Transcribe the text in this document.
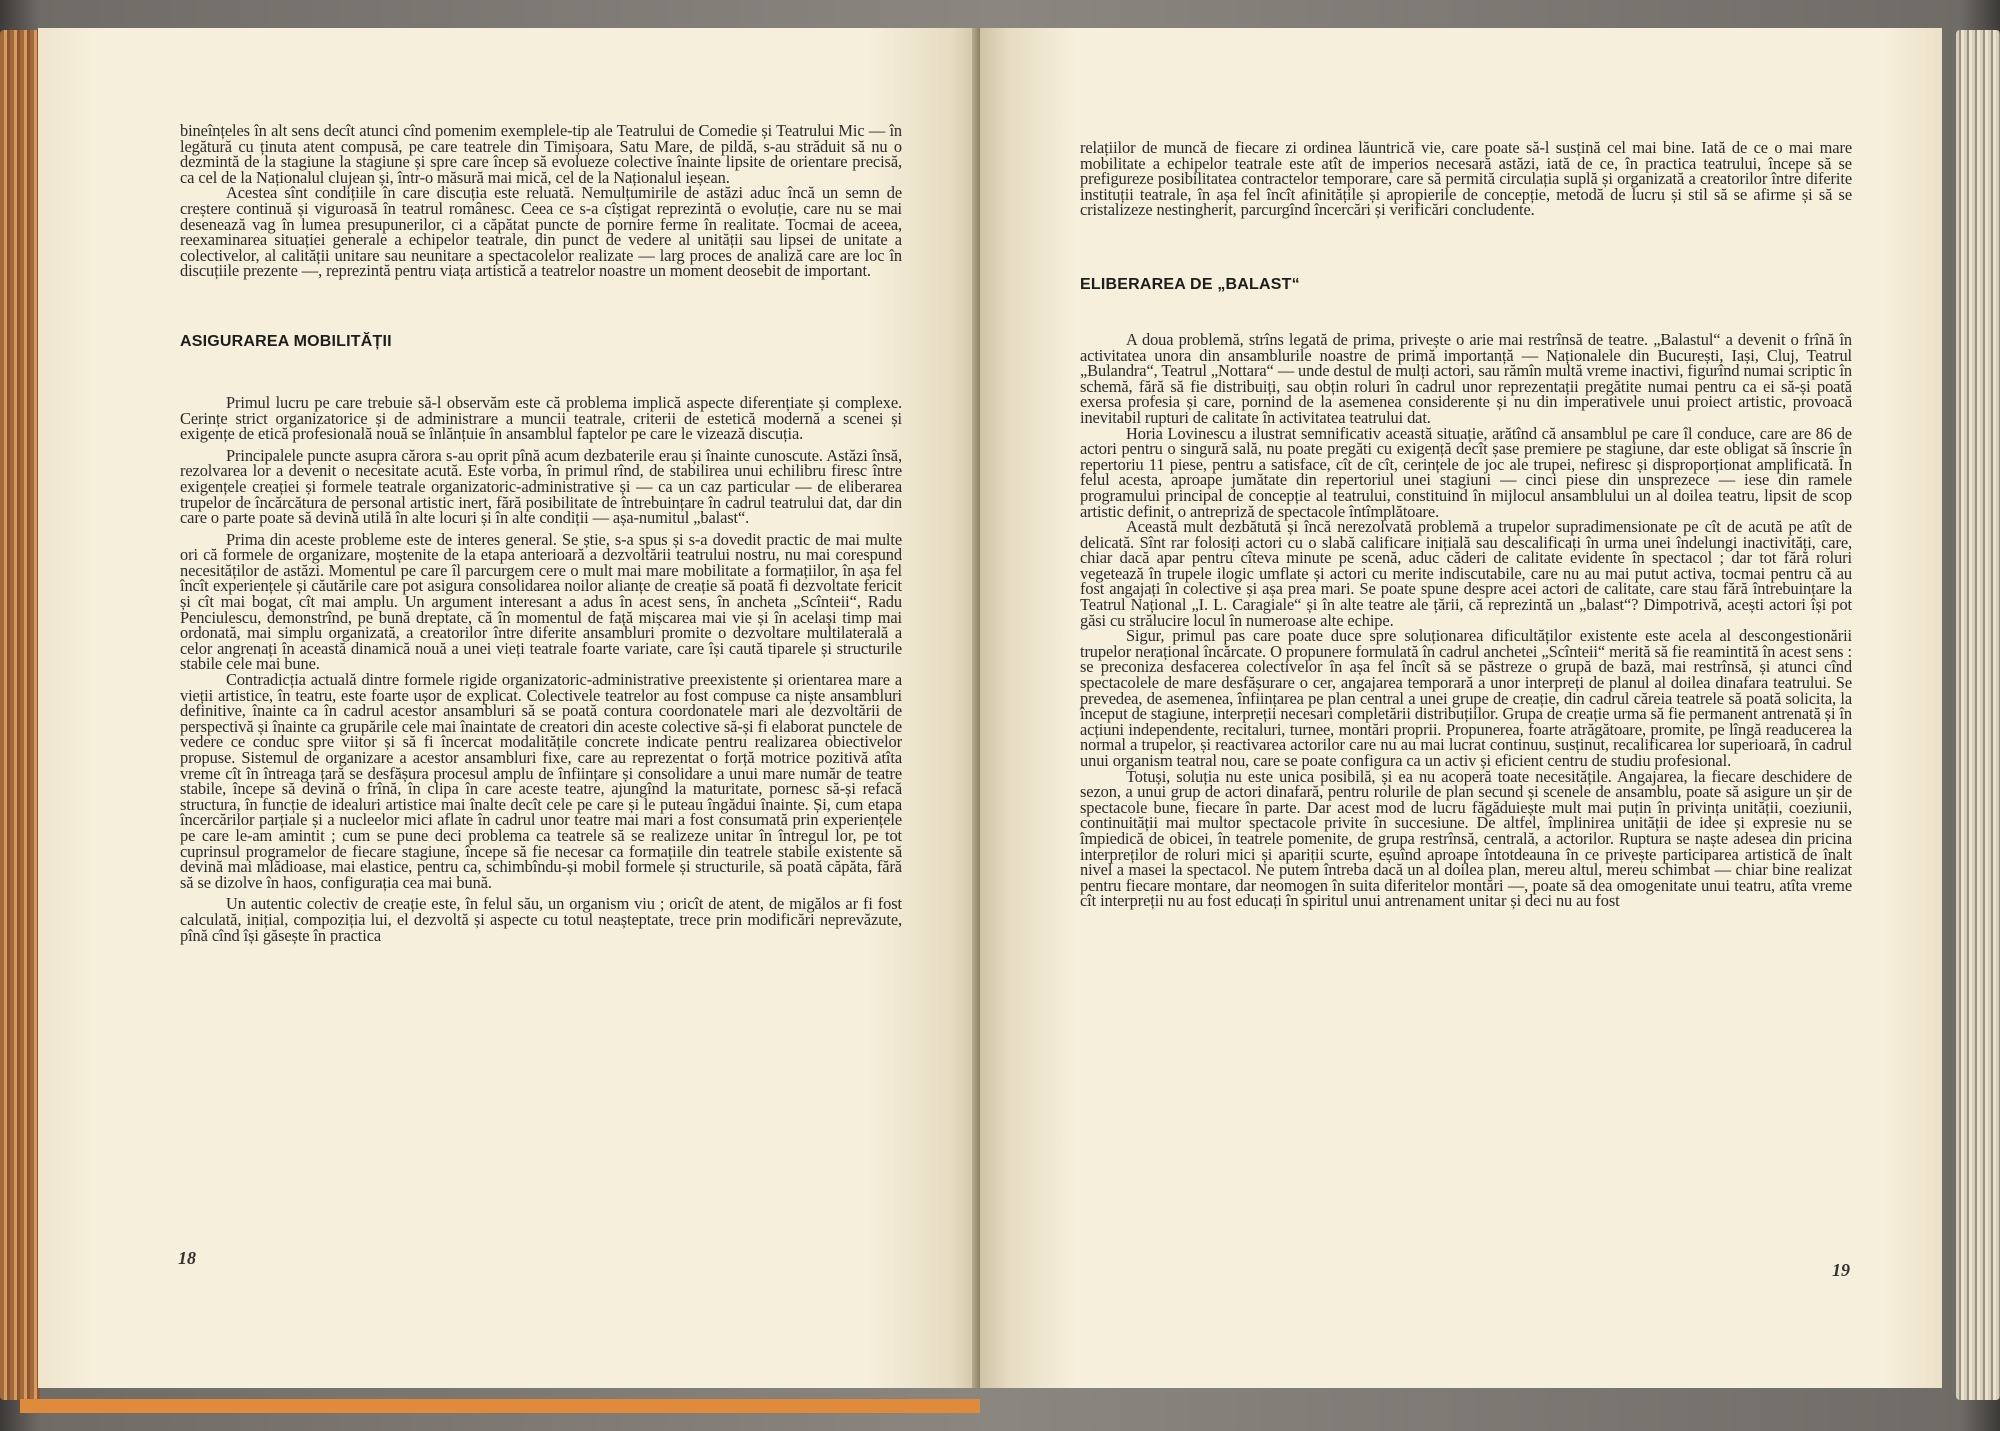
bineînțeles în alt sens decît atunci cînd pomenim exemplele-tip ale Teatrului de Comedie și Teatrului Mic — în legătură cu ținuta atent compusă, pe care teatrele din Timișoara, Satu Mare, de pildă, s-au străduit să nu o dezmintă de la stagiune la stagiune și spre care încep să evolueze colective înainte lipsite de orientare precisă, ca cel de la Naționalul clujean și, într-o măsură mai mică, cel de la Naționalul ieșean.

Acestea sînt condițiile în care discuția este reluată. Nemulțumirile de astăzi aduc încă un semn de creștere continuă și viguroasă în teatrul românesc. Ceea ce s-a cîștigat reprezintă o evoluție, care nu se mai desenează vag în lumea presupunerilor, ci a căpătat puncte de pornire ferme în realitate. Tocmai de aceea, reexaminarea situației generale a echipelor teatrale, din punct de vedere al unității sau lipsei de unitate a colectivelor, al calității unitare sau neunitare a spectacolelor realizate — larg proces de analiză care are loc în discuțiile prezente —, reprezintă pentru viața artistică a teatrelor noastre un moment deosebit de important.

ASIGURAREA MOBILITĂȚII

Primul lucru pe care trebuie să-l observăm este că problema implică aspecte diferențiate și complexe. Cerințe strict organizatorice și de administrare a muncii teatrale, criterii de estetică modernă a scenei și exigențe de etică profesională nouă se înlănțuie în ansamblul faptelor pe care le vizează discuția.

Principalele puncte asupra cărora s-au oprit pînă acum dezbaterile erau și înainte cunoscute. Astăzi însă, rezolvarea lor a devenit o necesitate acută. Este vorba, în primul rînd, de stabilirea unui echilibru firesc între exigențele creației și formele teatrale organizatoric-administrative și — ca un caz particular — de eliberarea trupelor de încărcătura de personal artistic inert, fără posibilitate de întrebuințare în cadrul teatrului dat, dar din care o parte poate să devină utilă în alte locuri și în alte condiții — așa-numitul „balast“.

Prima din aceste probleme este de interes general. Se știe, s-a spus și s-a dovedit practic de mai multe ori că formele de organizare, moștenite de la etapa anterioară a dezvoltării teatrului nostru, nu mai corespund necesităților de astăzi. Momentul pe care îl parcurgem cere o mult mai mare mobilitate a formațiilor, în așa fel încît experiențele și căutările care pot asigura consolidarea noilor alianțe de creație să poată fi dezvoltate fericit și cît mai bogat, cît mai amplu. Un argument interesant a adus în acest sens, în ancheta „Scînteii“, Radu Penciulescu, demonstrînd, pe bună dreptate, că în momentul de față mișcarea mai vie și în același timp mai ordonată, mai simplu organizată, a creatorilor între diferite ansambluri promite o dezvoltare multilaterală a celor angrenați în această dinamică nouă a unei vieți teatrale foarte variate, care își caută tiparele și structurile stabile cele mai bune.

Contradicția actuală dintre formele rigide organizatoric-administrative preexistente și orientarea mare a vieții artistice, în teatru, este foarte ușor de explicat. Colectivele teatrelor au fost compuse ca niște ansambluri definitive, înainte ca în cadrul acestor ansambluri să se poată contura coordonatele mari ale dezvoltării de perspectivă și înainte ca grupările cele mai înaintate de creatori din aceste colective să-și fi elaborat punctele de vedere ce conduc spre viitor și să fi încercat modalitățile concrete indicate pentru realizarea obiectivelor propuse. Sistemul de organizare a acestor ansambluri fixe, care au reprezentat o forță motrice pozitivă atîta vreme cît în întreaga țară se desfășura procesul amplu de înființare și consolidare a unui mare număr de teatre stabile, începe să devină o frînă, în clipa în care aceste teatre, ajungînd la maturitate, pornesc să-și refacă structura, în funcție de idealuri artistice mai înalte decît cele pe care și le puteau îngădui înainte. Și, cum etapa încercărilor parțiale și a nucleelor mici aflate în cadrul unor teatre mai mari a fost consumată prin experiențele pe care le-am amintit ; cum se pune deci problema ca teatrele să se realizeze unitar în întregul lor, pe tot cuprinsul programelor de fiecare stagiune, începe să fie necesar ca formațiile din teatrele stabile existente să devină mai mlădioase, mai elastice, pentru ca, schimbîndu-și mobil formele și structurile, să poată căpăta, fără să se dizolve în haos, configurația cea mai bună.

Un autentic colectiv de creație este, în felul său, un organism viu ; oricît de atent, de migălos ar fi fost calculată, inițial, compoziția lui, el dezvoltă și aspecte cu totul neașteptate, trece prin modificări neprevăzute, pînă cînd își găsește în practica

18

relațiilor de muncă de fiecare zi ordinea lăuntrică vie, care poate să-l susțină cel mai bine. Iată de ce o mai mare mobilitate a echipelor teatrale este atît de imperios necesară astăzi, iată de ce, în practica teatrului, începe să se prefigureze posibilitatea contractelor temporare, care să permită circulația suplă și organizată a creatorilor între diferite instituții teatrale, în așa fel încît afinitățile și apropierile de concepție, metodă de lucru și stil să se afirme și să se cristalizeze nestingherit, parcurgînd încercări și verificări concludente.

ELIBERAREA DE „BALAST“

A doua problemă, strîns legată de prima, privește o arie mai restrînsă de teatre. „Balastul“ a devenit o frînă în activitatea unora din ansamblurile noastre de primă importanță — Naționalele din București, Iași, Cluj, Teatrul „Bulandra“, Teatrul „Nottara“ — unde destul de mulți actori, sau rămîn multă vreme inactivi, figurînd numai scriptic în schemă, fără să fie distribuiți, sau obțin roluri în cadrul unor reprezentații pregătite numai pentru ca ei să-și poată exersa profesia și care, pornind de la asemenea considerente și nu din imperativele unui proiect artistic, provoacă inevitabil rupturi de calitate în activitatea teatrului dat.

Horia Lovinescu a ilustrat semnificativ această situație, arătînd că ansamblul pe care îl conduce, care are 86 de actori pentru o singură sală, nu poate pregăti cu exigență decît șase premiere pe stagiune, dar este obligat să înscrie în repertoriu 11 piese, pentru a satisface, cît de cît, cerințele de joc ale trupei, nefiresc și disproporționat amplificată. În felul acesta, aproape jumătate din repertoriul unei stagiuni — cinci piese din unsprezece — iese din ramele programului principal de concepție al teatrului, constituind în mijlocul ansamblului un al doilea teatru, lipsit de scop artistic definit, o antrepriză de spectacole întîmplătoare.

Această mult dezbătută și încă nerezolvată problemă a trupelor supradimensionate pe cît de acută pe atît de delicată. Sînt rar folosiți actori cu o slabă calificare inițială sau descalificați în urma unei îndelungi inactivități, care, chiar dacă apar pentru cîteva minute pe scenă, aduc căderi de calitate evidente în spectacol ; dar tot fără roluri vegetează în trupele ilogic umflate și actori cu merite indiscutabile, care nu au mai putut activa, tocmai pentru că au fost angajați în colective și așa prea mari. Se poate spune despre acei actori de calitate, care stau fără întrebuințare la Teatrul Național „I. L. Caragiale“ și în alte teatre ale țării, că reprezintă un „balast“? Dimpotrivă, acești actori își pot găsi cu strălucire locul în numeroase alte echipe.

Sigur, primul pas care poate duce spre soluționarea dificultăților existente este acela al descongestionării trupelor nerațional încărcate. O propunere formulată în cadrul anchetei „Scînteii“ merită să fie reamintită în acest sens : se preconiza desfacerea colectivelor în așa fel încît să se păstreze o grupă de bază, mai restrînsă, și atunci cînd spectacolele de mare desfășurare o cer, angajarea temporară a unor interpreți de planul al doilea dinafara teatrului. Se prevedea, de asemenea, înființarea pe plan central a unei grupe de creație, din cadrul căreia teatrele să poată solicita, la început de stagiune, interpreții necesari completării distribuțiilor. Grupa de creație urma să fie permanent antrenată și în acțiuni independente, recitaluri, turnee, montări proprii. Propunerea, foarte atrăgătoare, promite, pe lîngă readucerea la normal a trupelor, și reactivarea actorilor care nu au mai lucrat continuu, susținut, recalificarea lor superioară, în cadrul unui organism teatral nou, care se poate configura ca un activ și eficient centru de studiu profesional.

Totuși, soluția nu este unica posibilă, și ea nu acoperă toate necesitățile. Angajarea, la fiecare deschidere de sezon, a unui grup de actori dinafară, pentru rolurile de plan secund și scenele de ansamblu, poate să asigure un șir de spectacole bune, fiecare în parte. Dar acest mod de lucru făgăduiește mult mai puțin în privința unității, coeziunii, continuității mai multor spectacole privite în succesiune. De altfel, împlinirea unității de idee și expresie nu se împiedică de obicei, în teatrele pomenite, de grupa restrînsă, centrală, a actorilor. Ruptura se naște adesea din pricina interpreților de roluri mici și apariții scurte, eșuînd aproape întotdeauna în ce privește participarea artistică de înalt nivel a masei la spectacol. Ne putem întreba dacă un al doilea plan, mereu altul, mereu schimbat — chiar bine realizat pentru fiecare montare, dar neomogen în suita diferitelor montări —, poate să dea omogenitate unui teatru, atîta vreme cît interpreții nu au fost educați în spiritul unui antrenament unitar și deci nu au fost

19
